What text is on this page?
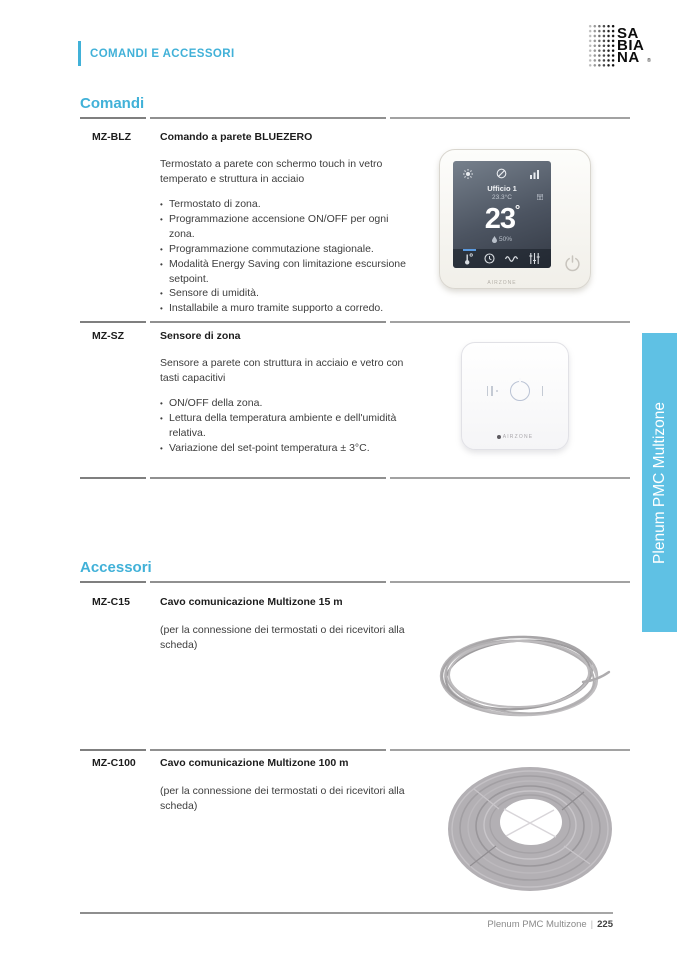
COMANDI E ACCESSORI
SA
BIA
NA	®
Comandi
MZ-BLZ	Comando a parete BLUEZERO
Termostato a parete con schermo touch in vetro temperato e struttura in acciaio
• Termostato di zona.
• Programmazione accensione ON/OFF per ogni zona.
• Programmazione commutazione stagionale.
• Modalità Energy Saving con limitazione escursione setpoint.
• Sensore di umidità.
• Installabile a muro tramite supporto a corredo.
Ufficio 1
23.3°C
23°
50%
AIRZONE
MZ-SZ	Sensore di zona
Sensore a parete con struttura in acciaio e vetro con tasti capacitivi
• ON/OFF della zona.
• Lettura della temperatura ambiente e dell'umidità relativa.
• Variazione del set-point temperatura ± 3°C.
AIRZONE
Accessori
MZ-C15	Cavo comunicazione Multizone 15 m
(per la connessione dei termostati o dei ricevitori alla scheda)
MZ-C100 Cavo comunicazione Multizone 100 m
(per la connessione dei termostati o dei ricevitori alla scheda)
Plenum PMC Multizone
Plenum PMC Multizone | 225
